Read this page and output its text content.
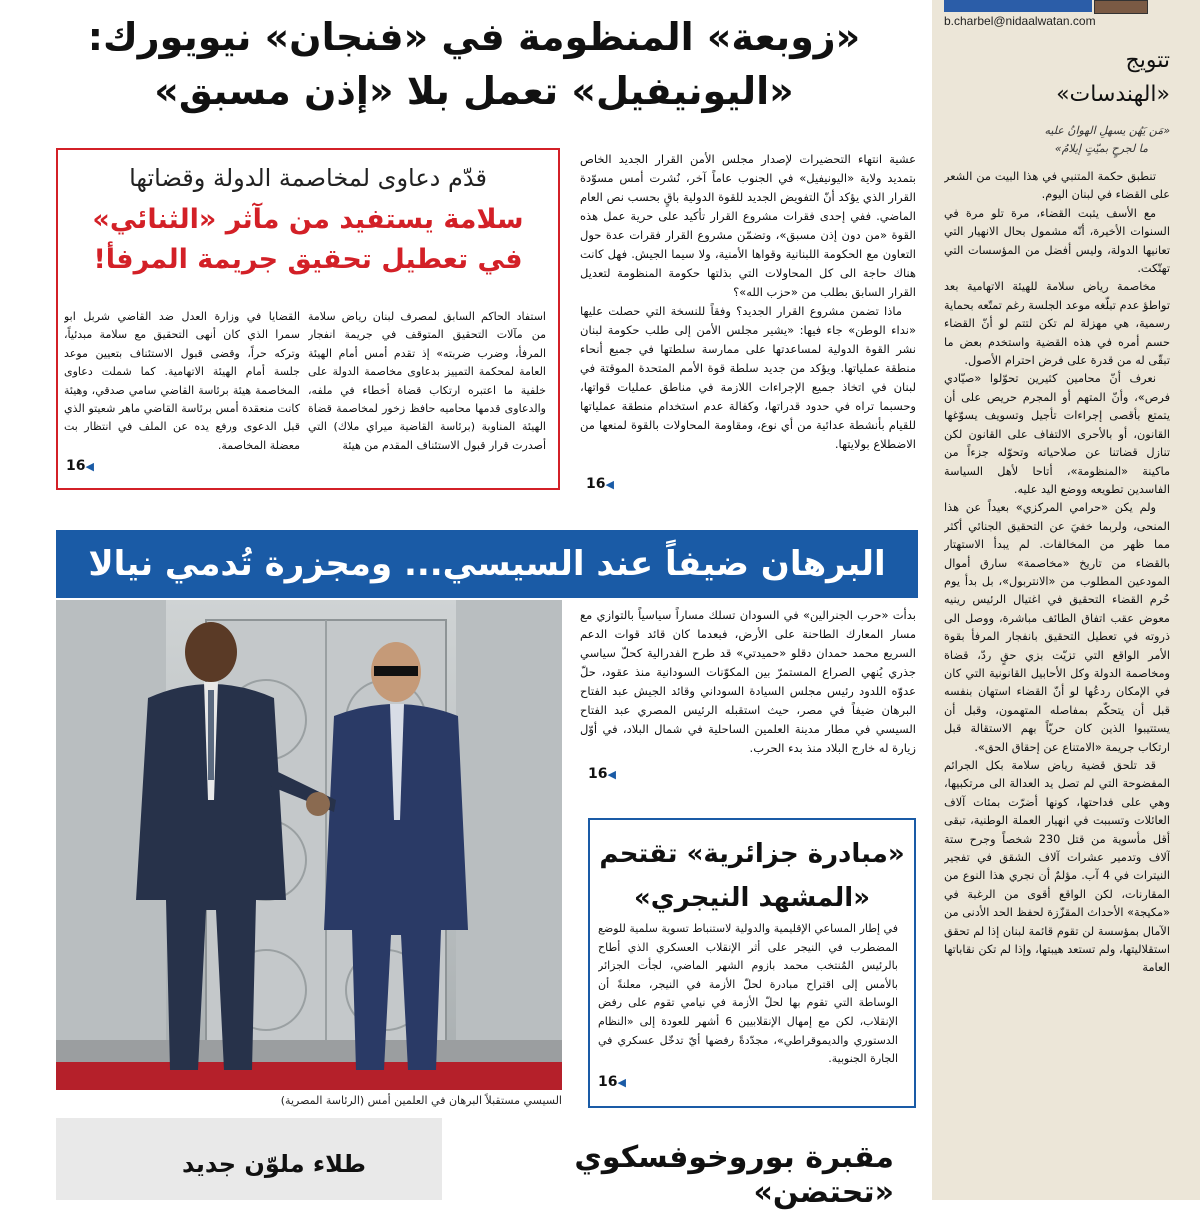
b.charbel@nidaalwatan.com
تتويج
«الهندسات»
«مَن يَهُن يسهلِ الهوانُ عليه
ما لجرحٍ بميّتٍ إيلامُ»

تنطبق حكمة المتنبي في هذا البيت من الشعر على القضاء في لبنان اليوم.

مع الأسف يثبت القضاء، مرة تلو مرة في السنوات الأخيرة، أنّه مشمول بحال الانهيار التي تعانيها الدولة، وليس أفضل من المؤسسات التي تهتّكت.

مخاصمة رياض سلامة للهيئة الاتهامية بعد تواطؤ عدم تبلّغه موعد الجلسة رغم تمتّعه بحماية رسمية، هي مهزلة لم تكن لتتم لو أنّ القضاء حسم أمره في هذه القضية واستخدم بعض ما تبقّى له من قدرة على فرض احترام الأصول.

نعرف أنّ محامين كثيرين تحوّلوا «صيّادي فرص»، وأنّ المتهم أو المجرم حريص على أن يتمتع بأقصى إجراءات تأجيل وتسويف يسوّغها القانون، أو بالأحرى الالتفاف على القانون لكن تنازل قضاتنا عن صلاحياته وتحوّله جزءاً من ماكينة «المنظومة»، أتاحا لأهل السياسة الفاسدين تطويعه ووضع اليد عليه.

ولم يكن «حرامي المركزي» بعيداً عن هذا المنحى، ولربما خفيَ عن التحقيق الجنائي أكثر مما ظهر من المخالفات. لم يبدأ الاستهتار بالقضاء من تاريخ «مخاصمة» سارق أموال المودعين المطلوب من «الانتربول»، بل بدأ يوم حُرم القضاء التحقيق في اغتيال الرئيس رينيه معوض عقب اتفاق الطائف مباشرة، ووصل الى ذروته في تعطيل التحقيق بانفجار المرفأ بقوة الأمر الواقع التي تزيّت بزي حقٍ ردّ، قضاة ومخاصمة الدولة وكل الأحابيل القانونية التي كان في الإمكان ردعُها لو أنّ القضاء استهان بنفسه قبل أن يتحكّم بمفاصله المتهمون، وقبل أن يستتيبوا الذين كان حريّاً بهم الاستقالة قبل ارتكاب جريمة «الامتناع عن إحقاق الحق».

قد تلحق قضية رياض سلامة بكل الجرائم المفضوحة التي لم تصل يد العدالة الى مرتكبيها، وهي على فداحتها، كونها أضرّت بمئات آلاف العائلات وتسببت في انهيار العملة الوطنية، تبقى أقل مأسوية من قتل 230 شخصاً وجرح ستة آلاف وتدمير عشرات آلاف الشقق في تفجير النيترات في 4 آب. مؤلمٌ أن نجري هذا النوع من المقارنات، لكن الواقع أقوى من الرغبة في «مكيجة» الأحداث المقزّزة لحفظ الحد الأدنى من الآمال بمؤسسة لن تقوم قائمة لبنان إذا لم تحقق استقلاليتها، ولم تستعد هيبتها، وإذا لم تكن نقاباتها العامة

«زوبعة» المنظومة في «فنجان» نيويورك:
«اليونيفيل» تعمل بلا «إذن مسبق»
عشية انتهاء التحضيرات لإصدار مجلس الأمن القرار الجديد الخاص بتمديد ولاية «اليونيفيل» في الجنوب عاماً آخر، نُشرت أمس مسوّدة القرار الذي يؤكد أنّ التفويض الجديد للقوة الدولية باقٍ بحسب نص العام الماضي. ففي إحدى فقرات مشروع القرار تأكيد على حرية عمل هذه القوة «من دون إذن مسبق»، وتضمّن مشروع القرار فقرات عدة حول التعاون مع الحكومة اللبنانية وقواها الأمنية، ولا سيما الجيش. فهل كانت هناك حاجة الى كل المحاولات التي بذلتها حكومة المنظومة لتعديل القرار السابق بطلب من «حزب الله»؟
ماذا تضمن مشروع القرار الجديد؟ وفقاً للنسخة التي حصلت عليها «نداء الوطن» جاء فيها: «يشير مجلس الأمن إلى طلب حكومة لبنان نشر القوة الدولية لمساعدتها على ممارسة سلطتها في جميع أنحاء منطقة عملياتها. ويؤكد من جديد سلطة قوة الأمم المتحدة الموقتة في لبنان في اتخاذ جميع الإجراءات اللازمة في مناطق عمليات قواتها، وحسبما تراه في حدود قدراتها، وكفالة عدم استخدام منطقة عملياتها للقيام بأنشطة عدائية من أي نوع، ومقاومة المحاولات بالقوة لمنعها من الاضطلاع بولايتها.
16◀
قدّم دعاوى لمخاصمة الدولة وقضاتها
سلامة يستفيد من مآثر «الثنائي» في تعطيل تحقيق جريمة المرفأ!
استفاد الحاكم السابق لمصرف لبنان رياض سلامة من مآلات التحقيق المتوقف في جريمة انفجار المرفأ، وضرب ضربته» إذ تقدم أمس أمام الهيئة العامة لمحكمة التمييز بدعاوى مخاصمة الدولة على خلفية ما اعتبره ارتكاب قضاة أخطاء في ملفه، والدعاوى قدمها محاميه حافظ زخور لمخاصمة قضاة الهيئة المناوبة (برئاسة القاضية ميراي ملاك) التي أصدرت قرار قبول الاستئناف المقدم من هيئة
القضايا في وزارة العدل ضد القاضي شربل ابو سمرا الذي كان أنهى التحقيق مع سلامة مبدئياً، وتركه حراً، وقضى قبول الاستئناف بتعيين موعد جلسة أمام الهيئة الاتهامية. كما شملت دعاوى المخاصمة هيئة برئاسة القاضي سامي صدقي، وهيئة كانت منعقدة أمس برئاسة القاضي ماهر شعيتو الذي قبل الدعوى ورفع يده عن الملف في انتظار بت معضلة المخاصمة.
16◀
البرهان ضيفاً عند السيسي... ومجزرة تُدمي نيالا
السيسي مستقبلاً البرهان في العلمين أمس (الرئاسة المصرية)
بدأت «حرب الجنرالين» في السودان تسلك مساراً سياسياً بالتوازي مع مسار المعارك الطاحنة على الأرض، فبعدما كان قائد قوات الدعم السريع محمد حمدان دقلو «حميدتي» قد طرح الفدرالية كحلّ سياسي جذري يُنهي الصراع المستمرّ بين المكوّنات السودانية منذ عقود، حلّ عدوّه اللدود رئيس مجلس السيادة السوداني وقائد الجيش عبد الفتاح البرهان ضيفاً في مصر، حيث استقبله الرئيس المصري عبد الفتاح السيسي في مطار مدينة العلمين الساحلية في شمال البلاد، في أوّل زيارة له خارج البلاد منذ بدء الحرب.
16◀
«مبادرة جزائرية» تقتحم
«المشهد النيجري»
في إطار المساعي الإقليمية والدولية لاستنباط تسوية سلمية للوضع المضطرب في النيجر على أثر الإنقلاب العسكري الذي أطاح بالرئيس المُنتخب محمد بازوم الشهر الماضي، لجأت الجزائر بالأمس إلى اقتراح مبادرة لحلّ الأزمة في النيجر، معلنةً أن الوساطة التي تقوم بها لحلّ الأزمة في نيامي تقوم على رفض الإنقلاب، لكن مع إمهال الإنقلابيين 6 أشهر للعودة إلى «النظام الدستوري والديموقراطي»، مجدّدةً رفضها أيّ تدخّل عسكري في الجارة الجنوبية.
16◀
طلاء ملوّن جديد	مقبرة بوروخوفسكوي «تحتضن»
